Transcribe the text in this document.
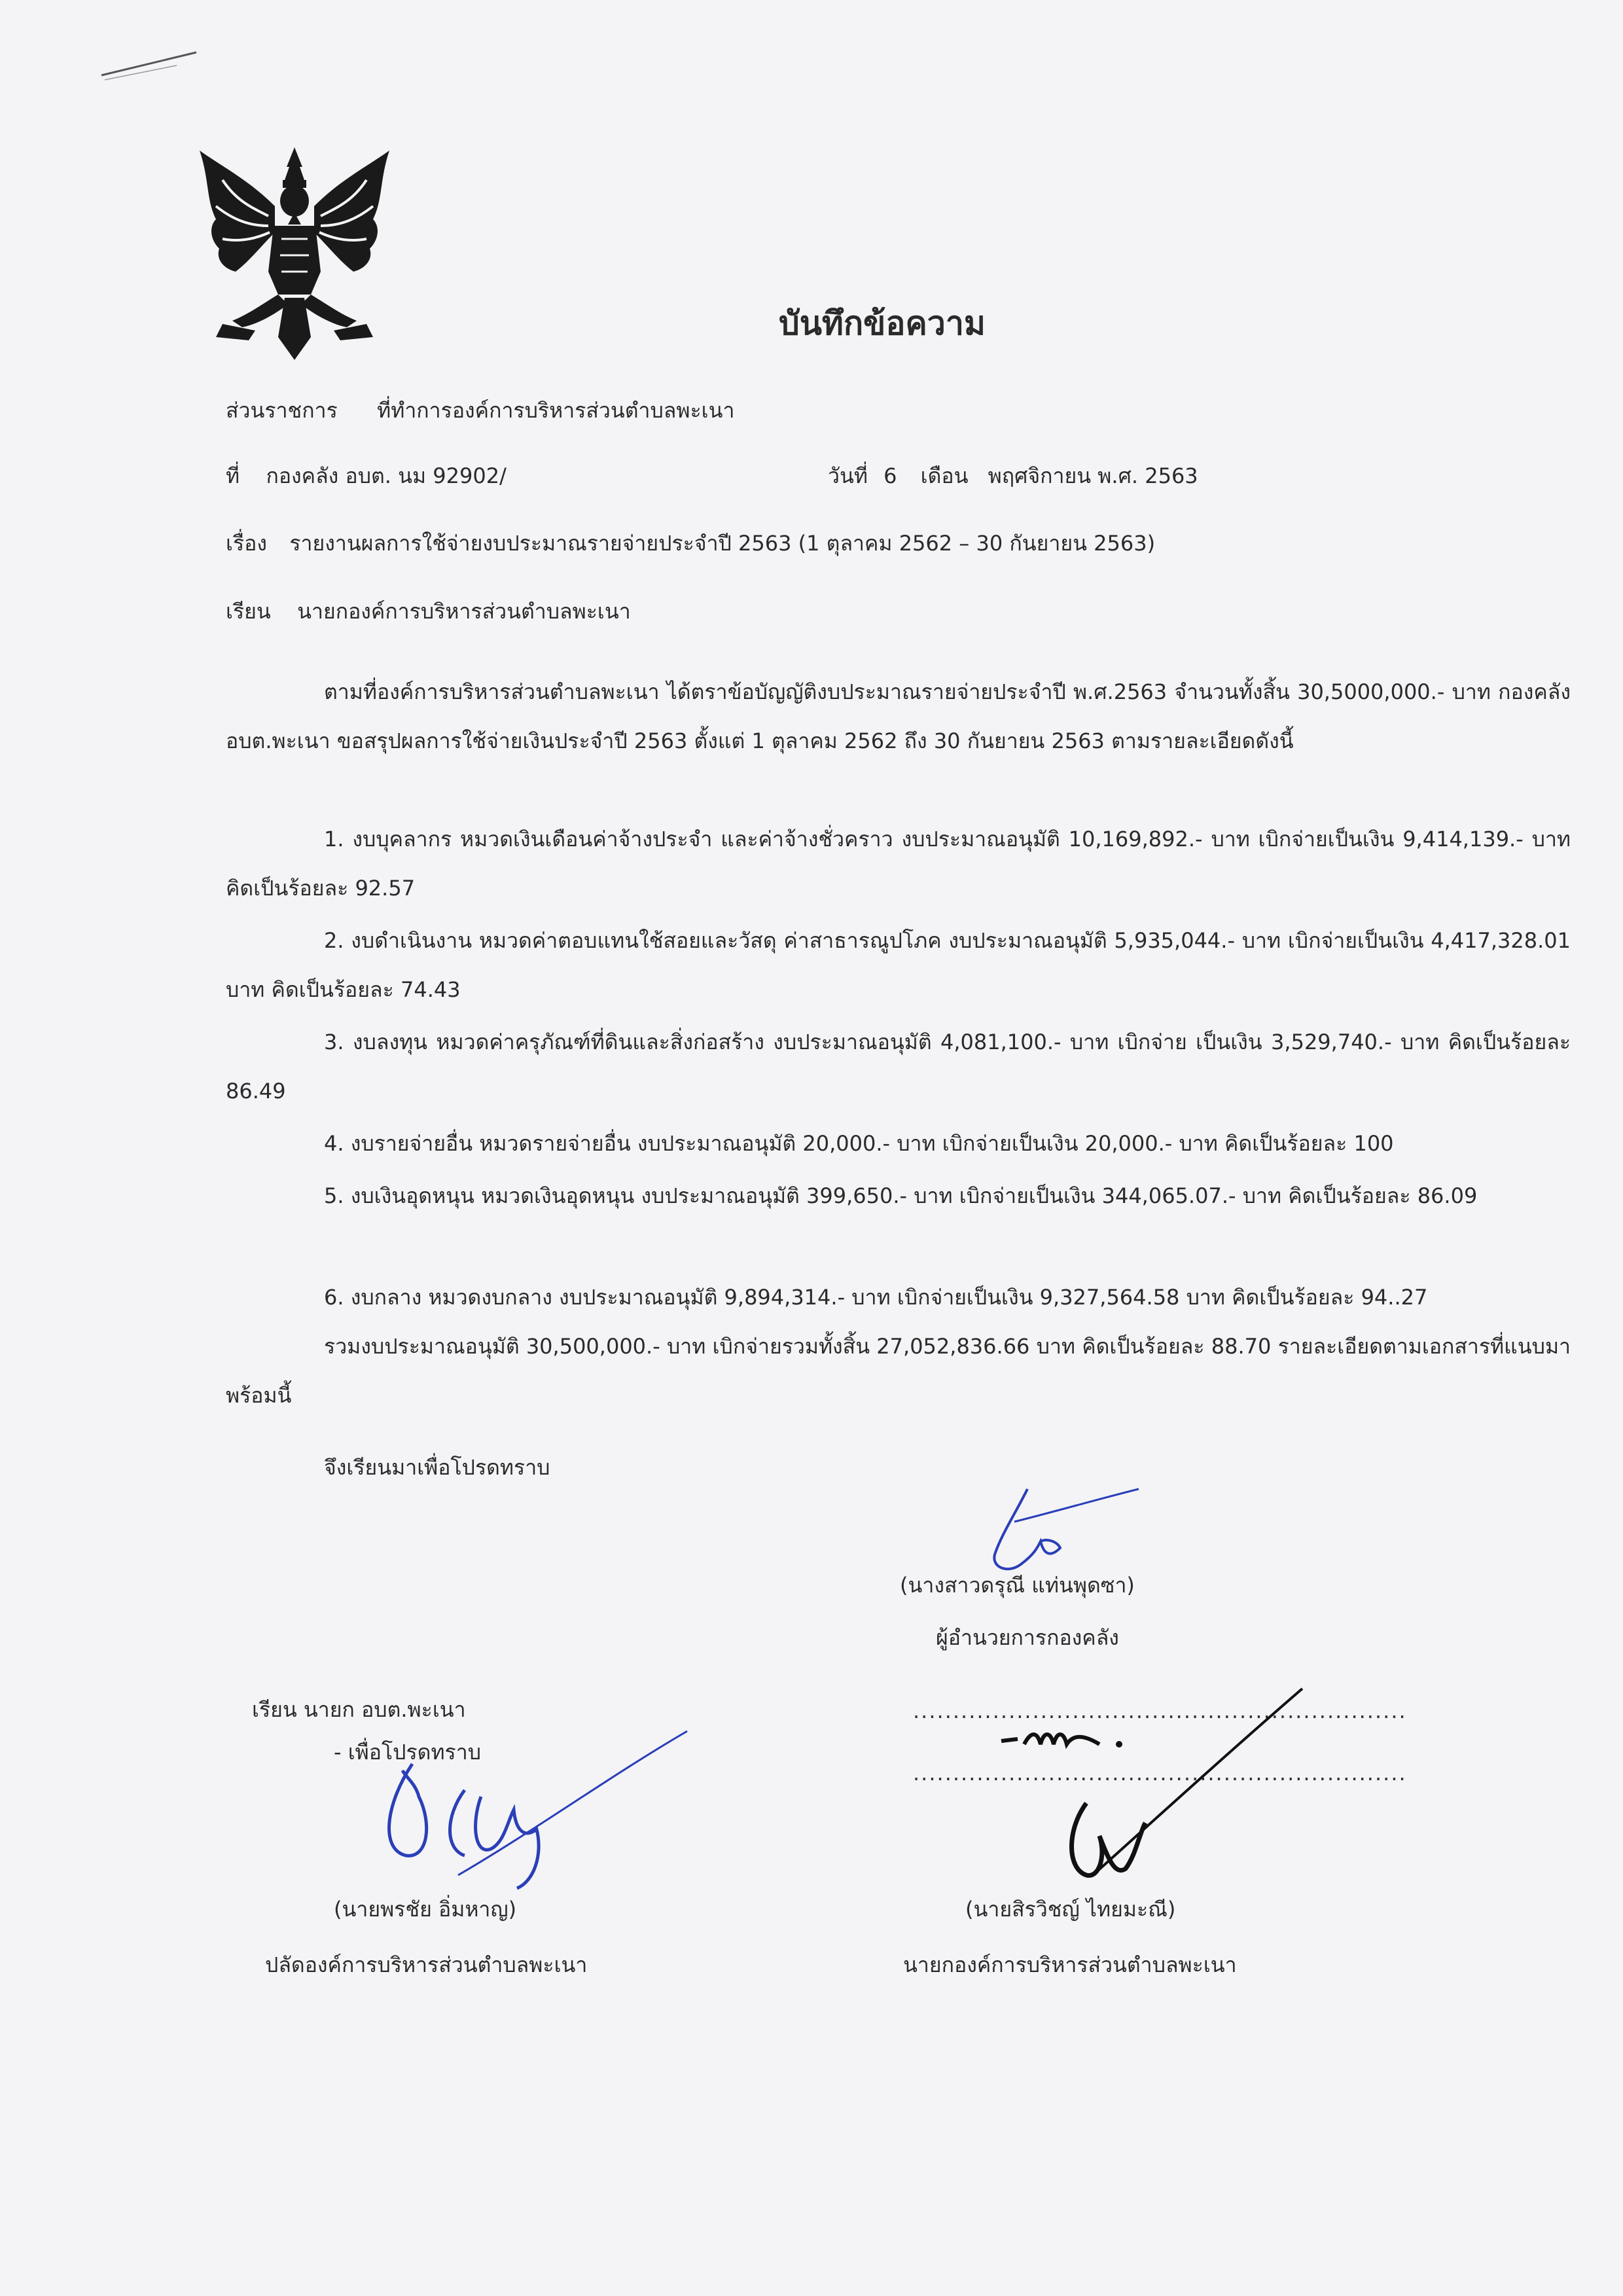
บันทึกข้อความ
ส่วนราชการ ที่ทำการองค์การบริหารส่วนตำบลพะเนา
ที่ กองคลัง อบต. นม 92902/	วันที่ 6 เดือน พฤศจิกายน พ.ศ. 2563
เรื่อง รายงานผลการใช้จ่ายงบประมาณรายจ่ายประจำปี 2563 (1 ตุลาคม 2562 – 30 กันยายน 2563)
เรียน นายกองค์การบริหารส่วนตำบลพะเนา
ตามที่องค์การบริหารส่วนตำบลพะเนา ได้ตราข้อบัญญัติงบประมาณรายจ่ายประจำปี พ.ศ.2563 จำนวนทั้งสิ้น 30,5000,000.- บาท กองคลัง อบต.พะเนา ขอสรุปผลการใช้จ่ายเงินประจำปี 2563 ตั้งแต่ 1 ตุลาคม 2562 ถึง 30 กันยายน 2563 ตามรายละเอียดดังนี้
1. งบบุคลากร หมวดเงินเดือนค่าจ้างประจำ และค่าจ้างชั่วคราว งบประมาณอนุมัติ 10,169,892.- บาท เบิกจ่ายเป็นเงิน 9,414,139.- บาท คิดเป็นร้อยละ 92.57
2. งบดำเนินงาน หมวดค่าตอบแทนใช้สอยและวัสดุ ค่าสาธารณูปโภค งบประมาณอนุมัติ 5,935,044.- บาท เบิกจ่ายเป็นเงิน 4,417,328.01 บาท คิดเป็นร้อยละ 74.43
3. งบลงทุน หมวดค่าครุภัณฑ์ที่ดินและสิ่งก่อสร้าง งบประมาณอนุมัติ 4,081,100.- บาท เบิกจ่าย เป็นเงิน 3,529,740.- บาท คิดเป็นร้อยละ 86.49
4. งบรายจ่ายอื่น หมวดรายจ่ายอื่น งบประมาณอนุมัติ 20,000.- บาท เบิกจ่ายเป็นเงิน 20,000.- บาท คิดเป็นร้อยละ 100
5. งบเงินอุดหนุน หมวดเงินอุดหนุน งบประมาณอนุมัติ 399,650.- บาท เบิกจ่ายเป็นเงิน 344,065.07.- บาท คิดเป็นร้อยละ 86.09
6. งบกลาง หมวดงบกลาง งบประมาณอนุมัติ 9,894,314.- บาท เบิกจ่ายเป็นเงิน 9,327,564.58 บาท คิดเป็นร้อยละ 94..27
รวมงบประมาณอนุมัติ 30,500,000.- บาท เบิกจ่ายรวมทั้งสิ้น 27,052,836.66 บาท คิดเป็นร้อยละ 88.70 รายละเอียดตามเอกสารที่แนบมาพร้อมนี้
จึงเรียนมาเพื่อโปรดทราบ
(นางสาวดรุณี แท่นพุดซา)
ผู้อำนวยการกองคลัง
เรียน นายก อบต.พะเนา
- เพื่อโปรดทราบ
(นายพรชัย อิ่มหาญ)
ปลัดองค์การบริหารส่วนตำบลพะเนา
..............................................................
..............................................................
(นายสิรวิชญ์ ไทยมะณี)
นายกองค์การบริหารส่วนตำบลพะเนา
